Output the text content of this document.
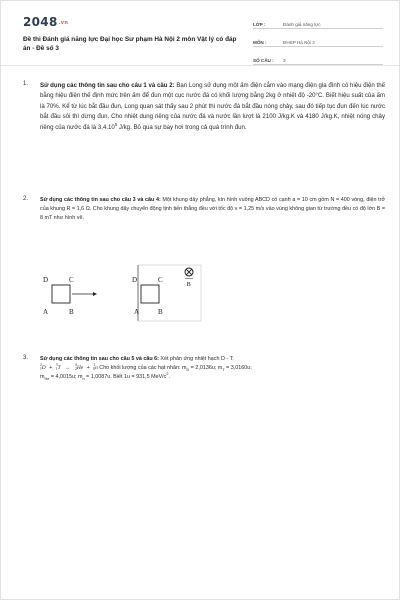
2048.vn
Đề thi Đánh giá năng lực Đại học Sư phạm Hà Nội 2 môn Vật lý có đáp án - Đề số 3
LỚP :	Đánh giá năng lực
MÔN :	ĐHSP Hà Nội 2
SỐ CÂU :	3
1. Sử dụng các thông tin sau cho câu 1 và câu 2: Bạn Long sử dụng một ấm điện cắm vào mạng điện gia đình có hiệu điện thế bằng hiệu điện thế định mức trên ấm để đun một cục nước đá có khối lượng bằng 2kg ở nhiệt độ -20°C. Biết hiệu suất của ấm là 70%. Kể từ lúc bắt đầu đun, Long quan sát thấy sau 2 phút thì nước đá bắt đầu nóng chảy, sau đó tiếp tục đun đến lúc nước bắt đầu sôi thì dừng đun. Cho nhiệt dung riêng của nước đá và nước lần lượt là 2100 J/kg.K và 4180 J/kg.K, nhiệt nóng chảy riêng của nước đá là 3,4.10$^5$ J/kg. Bỏ qua sự bay hơi trong cả quá trình đun.
2. Sử dụng các thông tin sau cho câu 3 và câu 4: Một khung dây phẳng, kín hình vuông ABCD có cạnh a = 10 cm gồm N = 400 vòng, điện trở của khung R = 1,6 Ω. Cho khung dây chuyển động tịnh tiến thẳng đều với tốc độ v = 1,25 m/s vào vùng không gian từ trường đều có độ lớn B = 8 mT như hình vẽ.
D	C
A	B
D	C
A	B
B
3. Sử dụng các thông tin sau cho câu 5 và câu 6: Xét phản ứng nhiệt hạch D - T:
2
1D + 3
1T → 4
2He + 1
0n Cho khối lượng của các hạt nhân: $m_D = 2,0136u$; $m_T = 3,0160u$;
$m_{He} = 4,0015u$; $m_n = 1,0087u$. Biết 1u = 931,5 MeV/$c^2$.
